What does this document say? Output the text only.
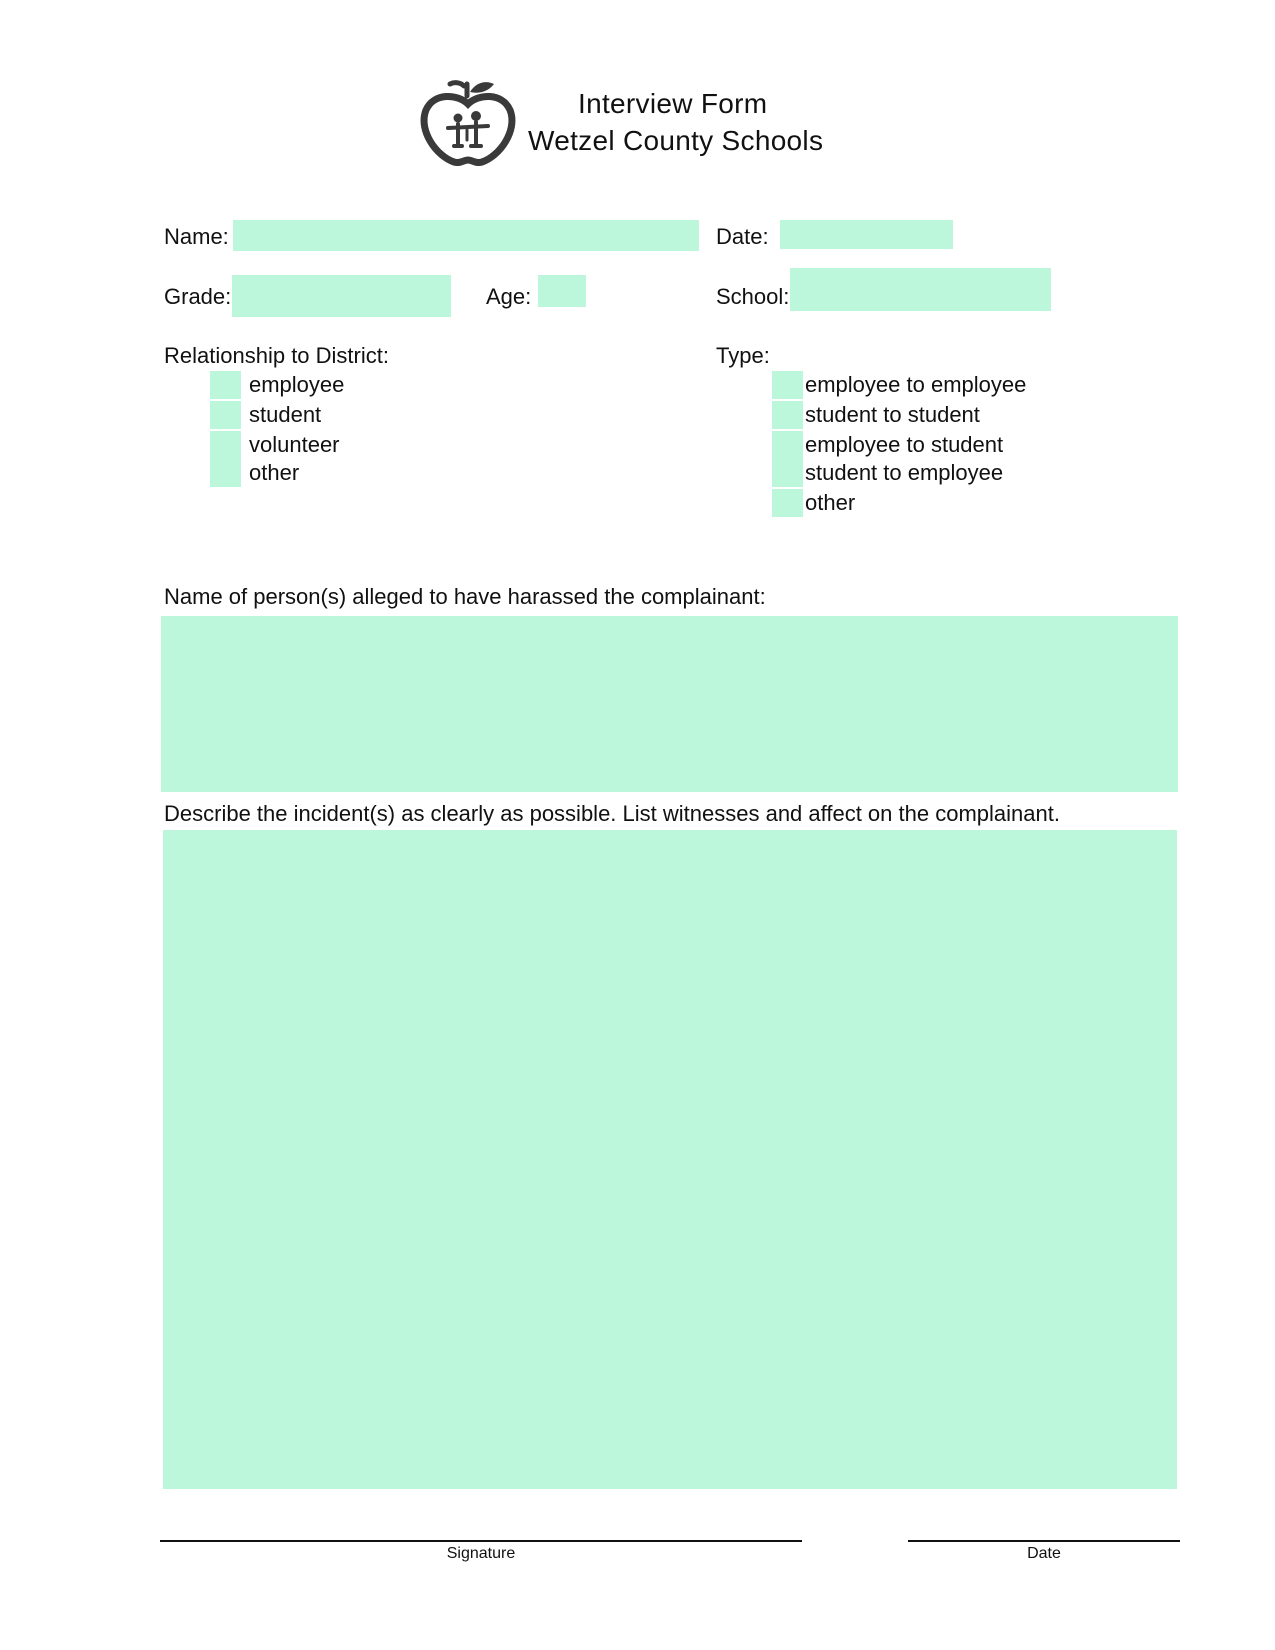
Interview Form
Wetzel County Schools
Name:	Date:
Grade:	Age:	School:
Relationship to District:
employee
student
volunteer
other
Type:
employee to employee
student to student
employee to student
student to employee
other
Name of person(s) alleged to have harassed the complainant:
Describe the incident(s) as clearly as possible. List witnesses and affect on the complainant.
Signature	Date
